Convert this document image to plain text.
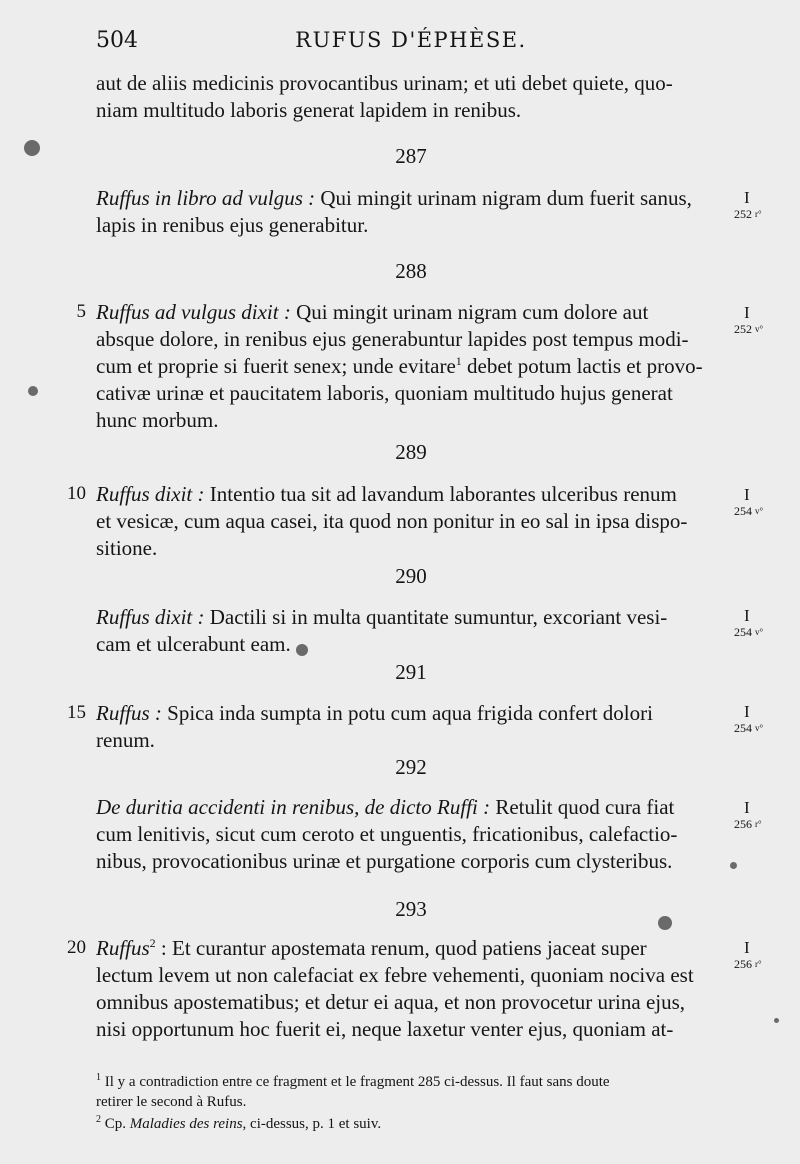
504	RUFUS D'ÉPHÈSE.
aut de aliis medicinis provocantibus urinam; et uti debet quiete, quo-
niam multitudo laboris generat lapidem in renibus.
287
Ruffus in libro ad vulgus : Qui mingit urinam nigram dum fuerit sanus,
lapis in renibus ejus generabitur.
I
252 $^{r^\circ}$
288
5 Ruffus ad vulgus dixit : Qui mingit urinam nigram cum dolore aut
absque dolore, in renibus ejus generabuntur lapides post tempus modi-
cum et proprie si fuerit senex; unde evitare$^1$ debet potum lactis et provo-
cativæ urinæ et paucitatem laboris, quoniam multitudo hujus generat
hunc morbum.
I
252 $^{v^\circ}$
289
10 Ruffus dixit : Intentio tua sit ad lavandum laborantes ulceribus renum
et vesicæ, cum aqua casei, ita quod non ponitur in eo sal in ipsa dispo-
sitione.
I
254 $^{v^\circ}$
290
Ruffus dixit : Dactili si in multa quantitate sumuntur, excoriant vesi-
cam et ulcerabunt eam.
I
254 $^{v^\circ}$
291
15 Ruffus : Spica inda sumpta in potu cum aqua frigida confert dolori
renum.
I
254 $^{v^\circ}$
292
De duritia accidenti in renibus, de dicto Ruffi : Retulit quod cura fiat
cum lenitivis, sicut cum ceroto et unguentis, fricationibus, calefactio-
nibus, provocationibus urinæ et purgatione corporis cum clysteribus.
I
256 $^{r^\circ}$
293
20 Ruffus$^2$ : Et curantur apostemata renum, quod patiens jaceat super
lectum levem ut non calefaciat ex febre vehementi, quoniam nociva est
omnibus apostematibus; et detur ei aqua, et non provocetur urina ejus,
nisi opportunum hoc fuerit ei, neque laxetur venter ejus, quoniam at-
I
256 $^{r^\circ}$
$^1$ Il y a contradiction entre ce fragment et le fragment 285 ci-dessus. Il faut sans doute
retirer le second à Rufus.
$^2$ Cp. Maladies des reins, ci-dessus, p. 1 et suiv.
